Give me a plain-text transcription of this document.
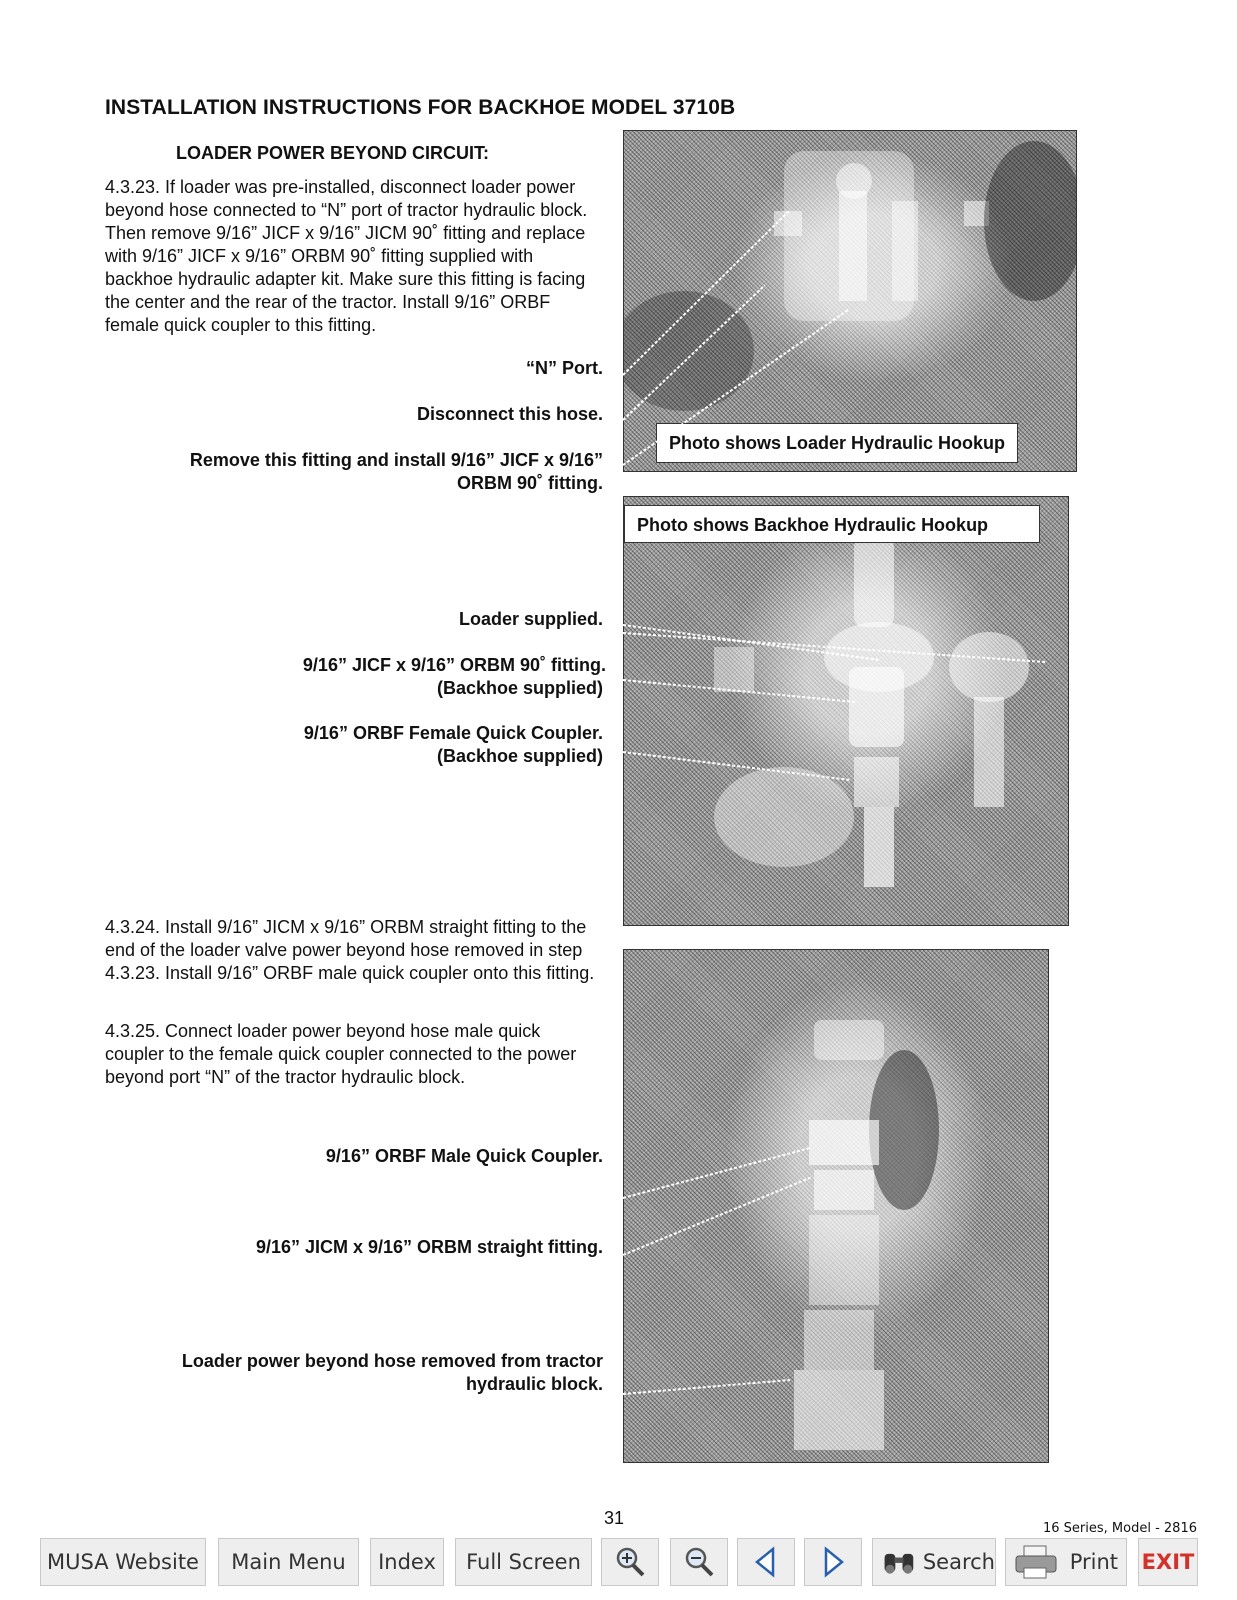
INSTALLATION INSTRUCTIONS FOR BACKHOE MODEL 3710B
LOADER POWER BEYOND CIRCUIT:
4.3.23. If loader was pre-installed, disconnect loader power beyond hose connected to “N” port of tractor hydraulic block. Then remove 9/16” JICF x 9/16” JICM 90˚ fitting and replace with 9/16” JICF x 9/16” ORBM 90˚ fitting supplied with backhoe hydraulic adapter kit. Make sure this fitting is facing the center and the rear of the tractor. Install 9/16” ORBF female quick coupler to this fitting.
“N” Port.
Disconnect this hose.
Remove this fitting and install 9/16” JICF x 9/16” ORBM 90˚ fitting.
Loader supplied.
9/16” JICF x 9/16” ORBM 90˚ fitting.
(Backhoe supplied)
9/16” ORBF Female Quick Coupler.
(Backhoe supplied)
4.3.24. Install 9/16” JICM x 9/16” ORBM straight fitting to the end of the loader valve power beyond hose removed in step 4.3.23. Install 9/16” ORBF male quick coupler onto this fitting.
4.3.25. Connect loader power beyond hose male quick coupler to the female quick coupler connected to the power beyond port “N” of the tractor hydraulic block.
9/16” ORBF Male Quick Coupler.
9/16” JICM x 9/16” ORBM straight fitting.
Loader power beyond hose removed from tractor hydraulic block.
Photo shows Loader Hydraulic Hookup
Photo shows Backhoe Hydraulic Hookup
31
16 Series, Model - 2816
MUSA Website	Main Menu	Index	Full Screen	Search	Print EXIT
